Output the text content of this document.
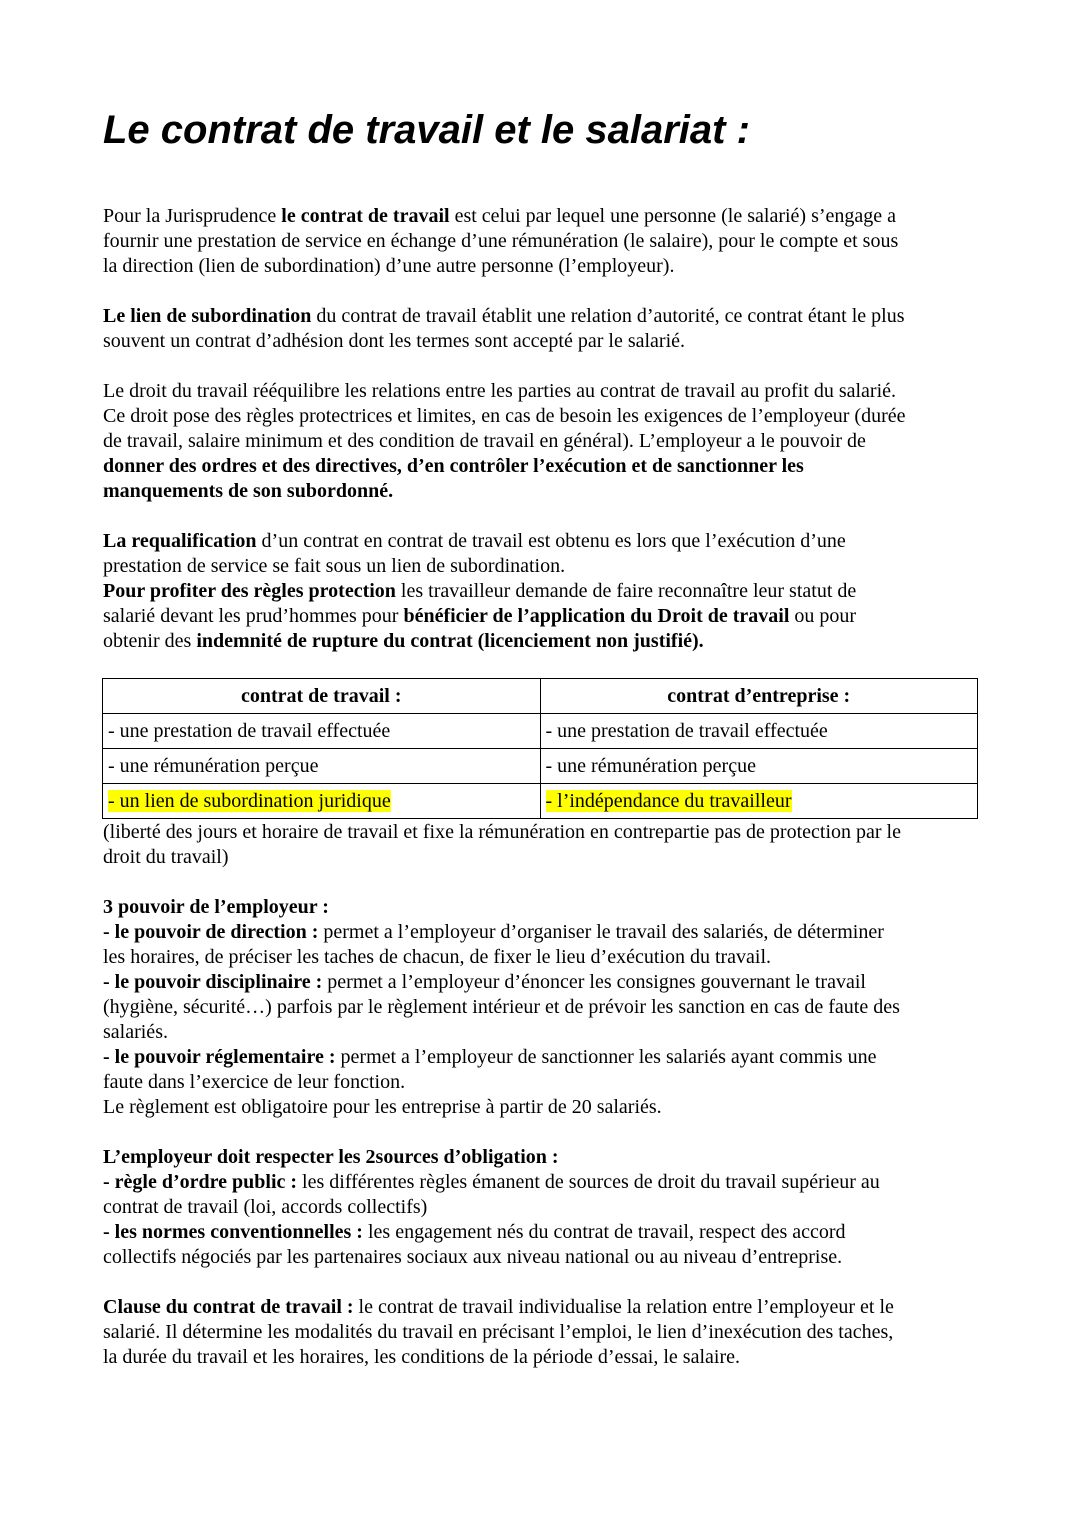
Le contrat de travail et le salariat :
Pour la Jurisprudence le contrat de travail est celui par lequel une personne (le salarié) s’engage a
fournir une prestation de service en échange d’une rémunération (le salaire), pour le compte et sous
la direction (lien de subordination) d’une autre personne (l’employeur).
Le lien de subordination du contrat de travail établit une relation d’autorité, ce contrat étant le plus
souvent un contrat d’adhésion dont les termes sont accepté par le salarié.
Le droit du travail rééquilibre les relations entre les parties au contrat de travail au profit du salarié.
Ce droit pose des règles protectrices et limites, en cas de besoin les exigences de l’employeur (durée
de travail, salaire minimum et des condition de travail en général). L’employeur a le pouvoir de
donner des ordres et des directives, d’en contrôler l’exécution et de sanctionner les
manquements de son subordonné.
La requalification d’un contrat en contrat de travail est obtenu es lors que l’exécution d’une
prestation de service se fait sous un lien de subordination.
Pour profiter des règles protection les travailleur demande de faire reconnaître leur statut de
salarié devant les prud’hommes pour bénéficier de l’application du Droit de travail ou pour
obtenir des indemnité de rupture du contrat (licenciement non justifié).
contrat de travail :	contrat d’entreprise :
- une prestation de travail effectuée	- une prestation de travail effectuée
- une rémunération perçue	- une rémunération perçue
- un lien de subordination juridique	- l’indépendance du travailleur
(liberté des jours et horaire de travail et fixe la rémunération en contrepartie pas de protection par le
droit du travail)
3 pouvoir de l’employeur :
- le pouvoir de direction : permet a l’employeur d’organiser le travail des salariés, de déterminer
les horaires, de préciser les taches de chacun, de fixer le lieu d’exécution du travail.
- le pouvoir disciplinaire : permet a l’employeur d’énoncer les consignes gouvernant le travail
(hygiène, sécurité…) parfois par le règlement intérieur et de prévoir les sanction en cas de faute des
salariés.
- le pouvoir réglementaire : permet a l’employeur de sanctionner les salariés ayant commis une
faute dans l’exercice de leur fonction.
Le règlement est obligatoire pour les entreprise à partir de 20 salariés.
L’employeur doit respecter les 2sources d’obligation :
- règle d’ordre public : les différentes règles émanent de sources de droit du travail supérieur au
contrat de travail (loi, accords collectifs)
- les normes conventionnelles : les engagement nés du contrat de travail, respect des accord
collectifs négociés par les partenaires sociaux aux niveau national ou au niveau d’entreprise.
Clause du contrat de travail : le contrat de travail individualise la relation entre l’employeur et le
salarié. Il détermine les modalités du travail en précisant l’emploi, le lien d’inexécution des taches,
la durée du travail et les horaires, les conditions de la période d’essai, le salaire.
